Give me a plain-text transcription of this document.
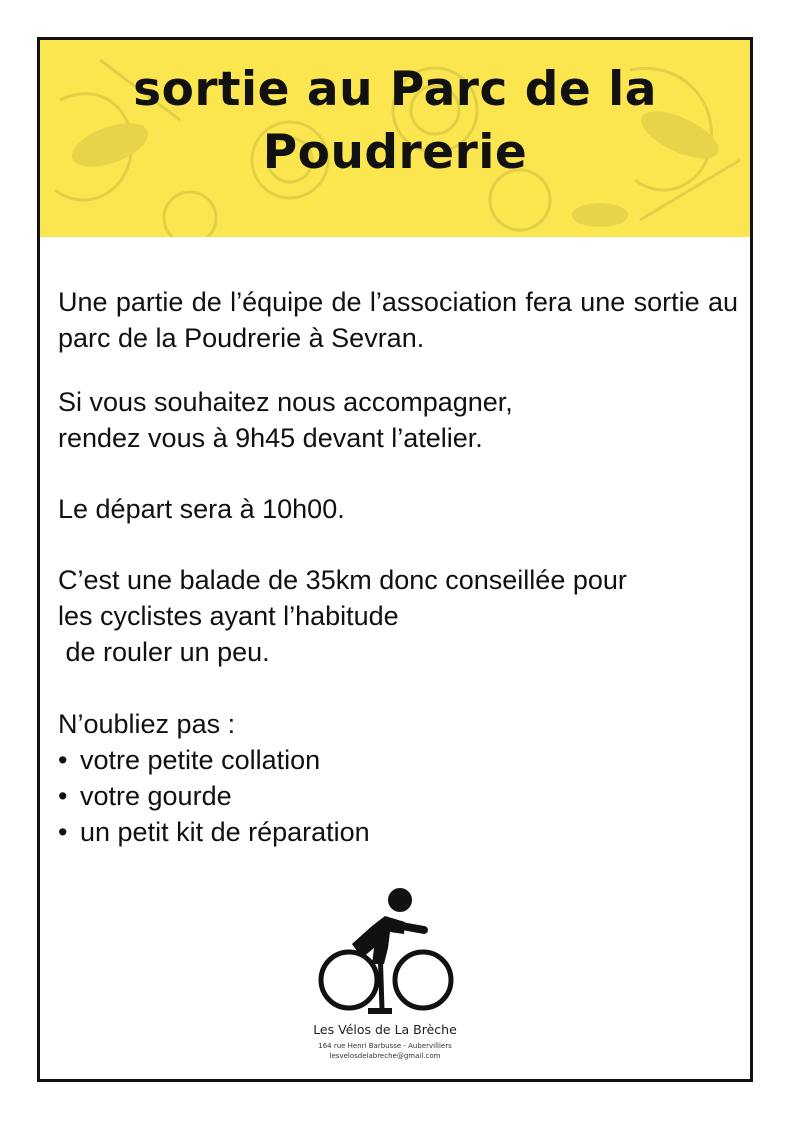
sortie au Parc de la
Poudrerie

Une partie de l’équipe de l’association fera une sortie au parc de la Poudrerie à Sevran.

Si vous souhaitez nous accompagner,
rendez vous à 9h45 devant l’atelier.

Le départ sera à 10h00.

C’est une balade de 35km donc conseillée pour
les cyclistes ayant l’habitude
de rouler un peu.

N’oubliez pas :

• votre petite collation
• votre gourde
• un petit kit de réparation
Les Vélos de La Brèche
164 rue Henri Barbusse - Aubervilliers
lesvelosdelabreche@gmail.com
